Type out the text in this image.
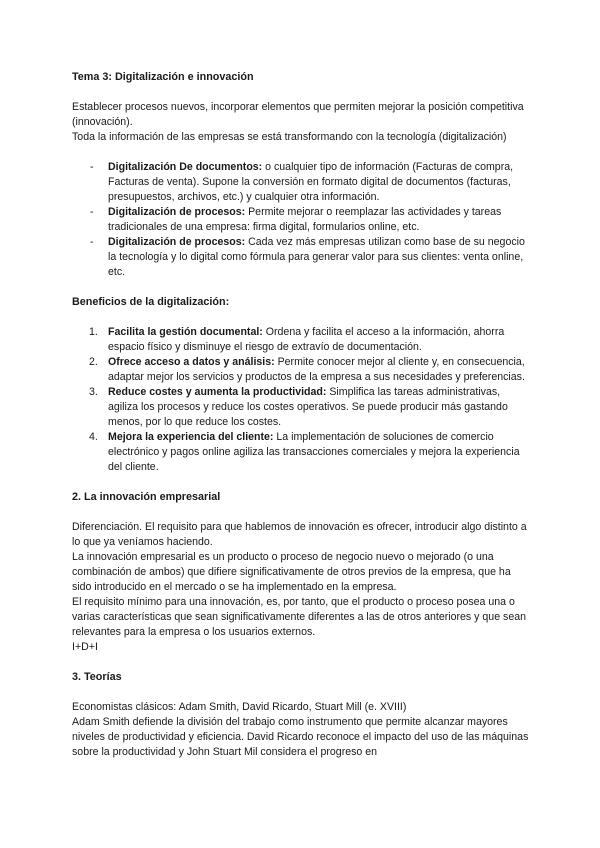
Tema 3: Digitalización e innovación

Establecer procesos nuevos, incorporar elementos que permiten mejorar la posición competitiva (innovación).

Toda la información de las empresas se está transformando con la tecnología (digitalización)

- Digitalización De documentos: o cualquier tipo de información (Facturas de compra, Facturas de venta). Supone la conversión en formato digital de documentos (facturas, presupuestos, archivos, etc.) y cualquier otra información.
- Digitalización de procesos: Permite mejorar o reemplazar las actividades y tareas tradicionales de una empresa: firma digital, formularios online, etc.
- Digitalización de procesos: Cada vez más empresas utilizan como base de su negocio la tecnología y lo digital como fórmula para generar valor para sus clientes: venta online, etc.
Beneficios de la digitalización:
1. Facilita la gestión documental: Ordena y facilita el acceso a la información, ahorra espacio físico y disminuye el riesgo de extravío de documentación.
2. Ofrece acceso a datos y análisis: Permite conocer mejor al cliente y, en consecuencia, adaptar mejor los servicios y productos de la empresa a sus necesidades y preferencias.
3. Reduce costes y aumenta la productividad: Simplifica las tareas administrativas, agiliza los procesos y reduce los costes operativos. Se puede producir más gastando menos, por lo que reduce los costes.
4. Mejora la experiencia del cliente: La implementación de soluciones de comercio electrónico y pagos online agiliza las transacciones comerciales y mejora la experiencia del cliente.
2. La innovación empresarial

Diferenciación. El requisito para que hablemos de innovación es ofrecer, introducir algo distinto a lo que ya veníamos haciendo.

La innovación empresarial es un producto o proceso de negocio nuevo o mejorado (o una combinación de ambos) que difiere significativamente de otros previos de la empresa, que ha sido introducido en el mercado o se ha implementado en la empresa.

El requisito mínimo para una innovación, es, por tanto, que el producto o proceso posea una o varias características que sean significativamente diferentes a las de otros anteriores y que sean relevantes para la empresa o los usuarios externos.

I+D+I

3. Teorías

Economistas clásicos: Adam Smith, David Ricardo, Stuart Mill (e. XVIII)

Adam Smith defiende la división del trabajo como instrumento que permite alcanzar mayores niveles de productividad y eficiencia. David Ricardo reconoce el impacto del uso de las máquinas sobre la productividad y John Stuart Mil considera el progreso en
